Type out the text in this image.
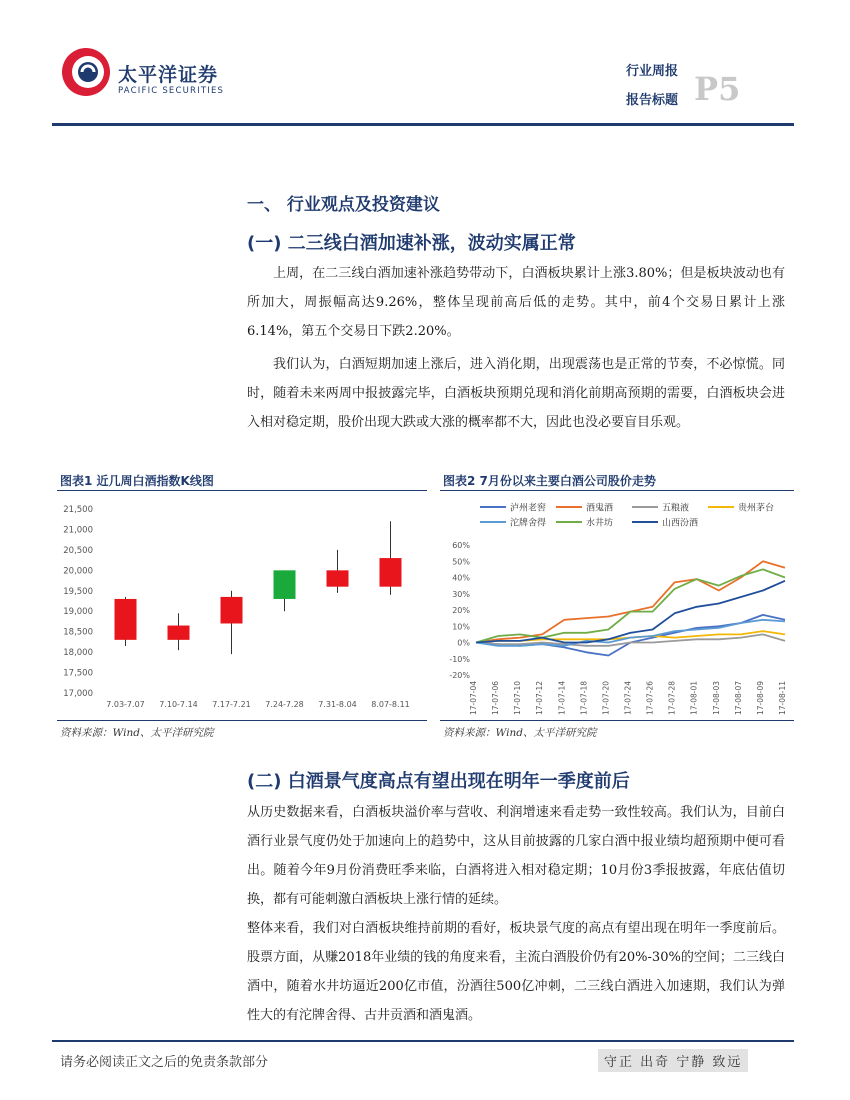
太平洋证券
PACIFIC SECURITIES
行业周报
报告标题 P5
一、 行业观点及投资建议
(一) 二三线白酒加速补涨，波动实属正常

上周，在二三线白酒加速补涨趋势带动下，白酒板块累计上涨3.80%；但是板块波动也有所加大，周振幅高达9.26%，整体呈现前高后低的走势。其中，前4个交易日累计上涨6.14%，第五个交易日下跌2.20%。

我们认为，白酒短期加速上涨后，进入消化期，出现震荡也是正常的节奏，不必惊慌。同时，随着未来两周中报披露完毕，白酒板块预期兑现和消化前期高预期的需要，白酒板块会进入相对稳定期，股价出现大跌或大涨的概率都不大，因此也没必要盲目乐观。

图表1 近几周白酒指数K线图
21,500
21,000
20,500
20,000
19,500
19,000
18,500
18,000
17,500
17,000
7.03-7.07 7.10-7.14 7.17-7.21 7.24-7.28 7.31-8.04 8.07-8.11
资料来源：Wind、太平洋研究院
图表2 7月份以来主要白酒公司股价走势
泸州老窖	酒鬼酒	五粮液	贵州茅台
沱牌舍得	水井坊	山西汾酒
60%
50%
40%
30%
20%
10%
0%
-10%
-20%
17-07-04 17-07-06 17-07-10 17-07-12 17-07-14 17-07-18 17-07-20 17-07-24 17-07-26 17-07-28 17-08-01 17-08-03 17-08-07 17-08-09 17-08-11
资料来源：Wind、太平洋研究院
(二) 白酒景气度高点有望出现在明年一季度前后

从历史数据来看，白酒板块溢价率与营收、利润增速来看走势一致性较高。我们认为，目前白酒行业景气度仍处于加速向上的趋势中，这从目前披露的几家白酒中报业绩均超预期中便可看出。随着今年9月份消费旺季来临，白酒将进入相对稳定期；10月份3季报披露，年底估值切换，都有可能刺激白酒板块上涨行情的延续。

整体来看，我们对白酒板块维持前期的看好，板块景气度的高点有望出现在明年一季度前后。股票方面，从赚2018年业绩的钱的角度来看，主流白酒股价仍有20%-30%的空间；二三线白酒中，随着水井坊逼近200亿市值，汾酒往500亿冲刺，二三线白酒进入加速期，我们认为弹性大的有沱牌舍得、古井贡酒和酒鬼酒。

请务必阅读正文之后的免责条款部分	守正 出奇 宁静 致远
